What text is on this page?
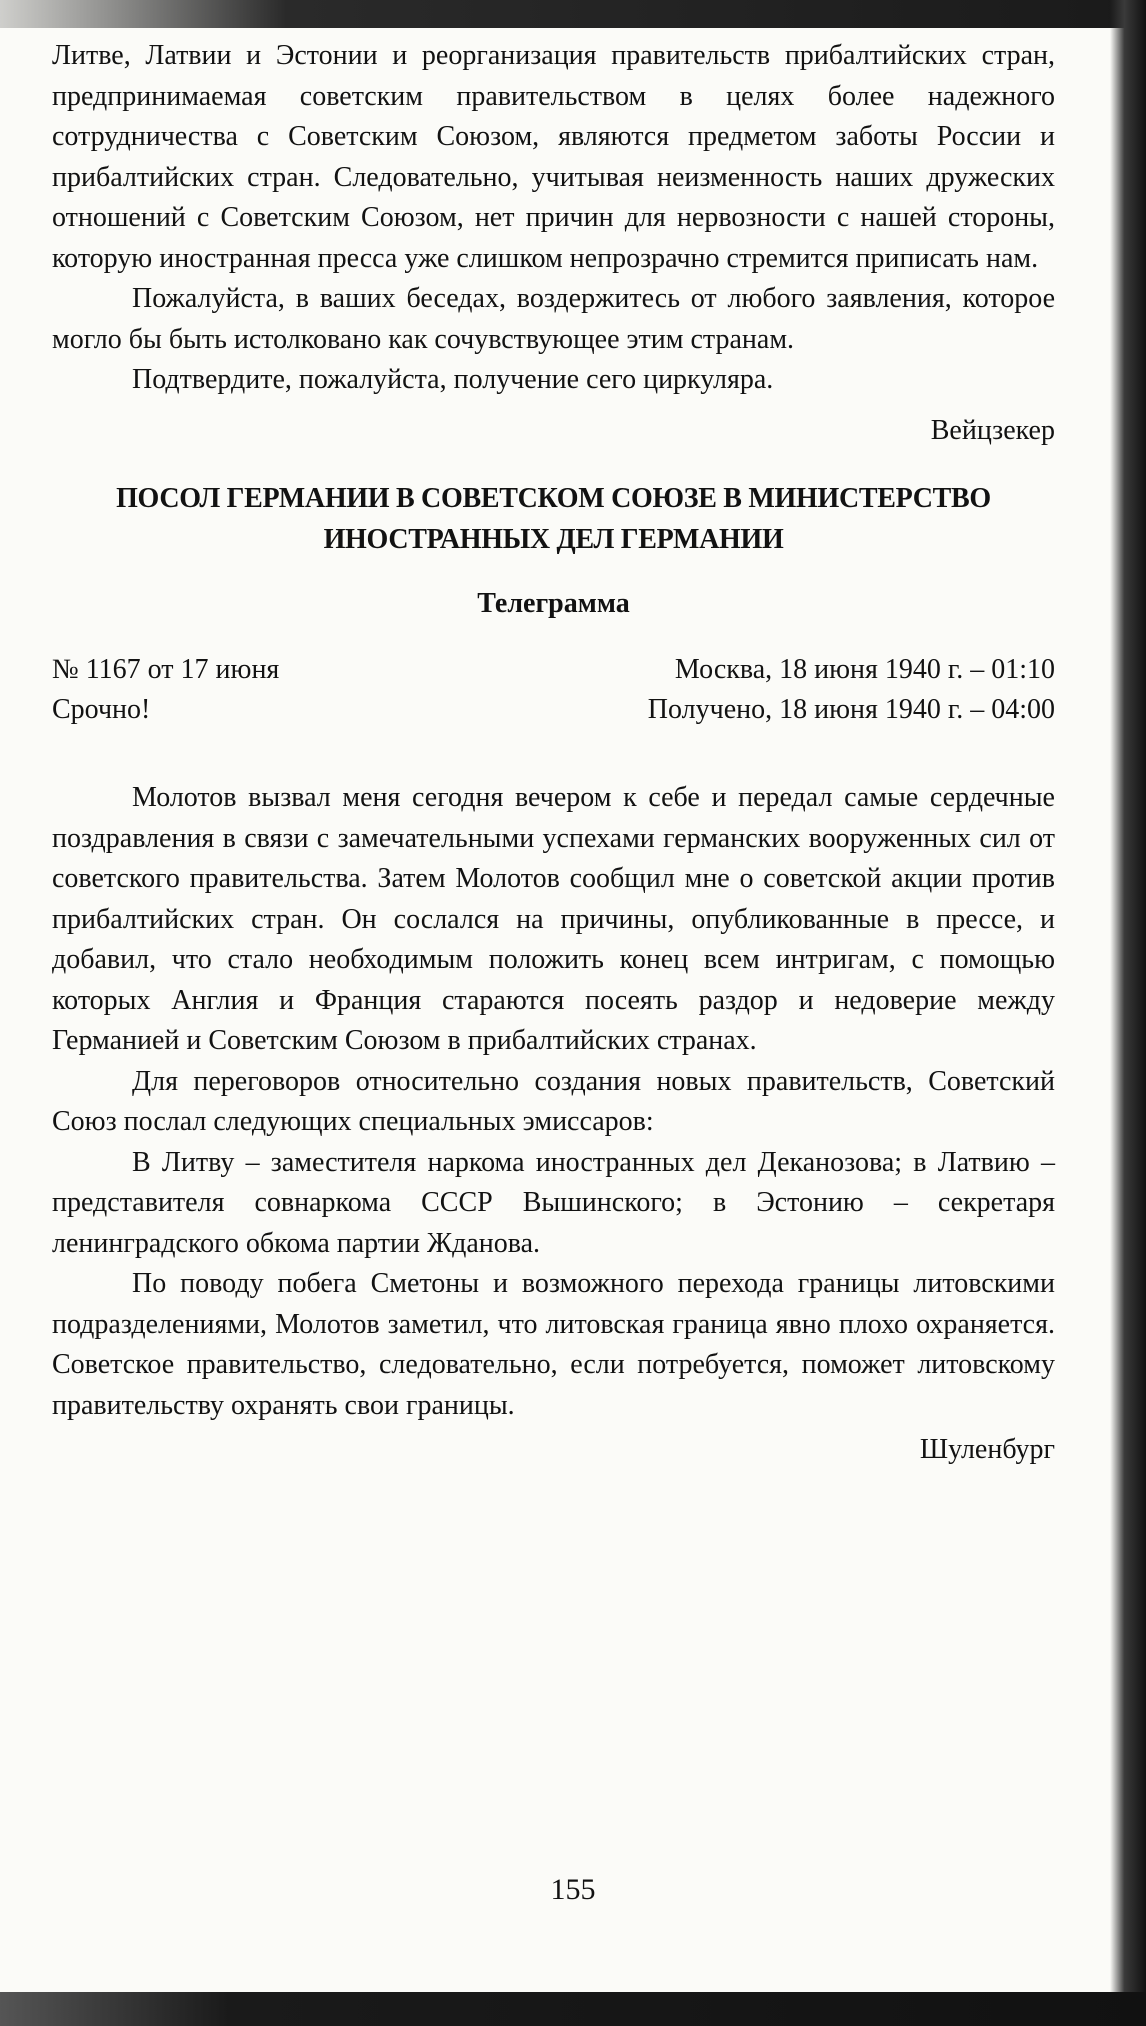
Литве, Латвии и Эстонии и реорганизация правительств прибалтийских стран, предпринимаемая советским правительством в целях более надежного сотрудничества с Советским Союзом, являются предметом заботы России и прибалтийских стран. Следовательно, учитывая неизменность наших дружеских отношений с Советским Союзом, нет причин для нервозности с нашей стороны, которую иностранная пресса уже слишком непрозрачно стремится приписать нам.

Пожалуйста, в ваших беседах, воздержитесь от любого заявления, которое могло бы быть истолковано как сочувствующее этим странам.

Подтвердите, пожалуйста, получение сего циркуляра.

Вейцзекер
ПОСОЛ ГЕРМАНИИ В СОВЕТСКОМ СОЮЗЕ В МИНИСТЕРСТВО
ИНОСТРАННЫХ ДЕЛ ГЕРМАНИИ
Телеграмма
№ 1167 от 17 июня	Москва, 18 июня 1940 г. – 01:10
Срочно!	Получено, 18 июня 1940 г. – 04:00

Молотов вызвал меня сегодня вечером к себе и передал самые сердечные поздравления в связи с замечательными успехами германских вооруженных сил от советского правительства. Затем Молотов сообщил мне о советской акции против прибалтийских стран. Он сослался на причины, опубликованные в прессе, и добавил, что стало необходимым положить конец всем интригам, с помощью которых Англия и Франция стараются посеять раздор и недоверие между Германией и Советским Союзом в прибалтийских странах.

Для переговоров относительно создания новых правительств, Советский Союз послал следующих специальных эмиссаров:

В Литву – заместителя наркома иностранных дел Деканозова; в Латвию – представителя совнаркома СССР Вышинского; в Эстонию – секретаря ленинградского обкома партии Жданова.

По поводу побега Сметоны и возможного перехода границы литовскими подразделениями, Молотов заметил, что литовская граница явно плохо охраняется. Советское правительство, следовательно, если потребуется, поможет литовскому правительству охранять свои границы.

Шуленбург
155
